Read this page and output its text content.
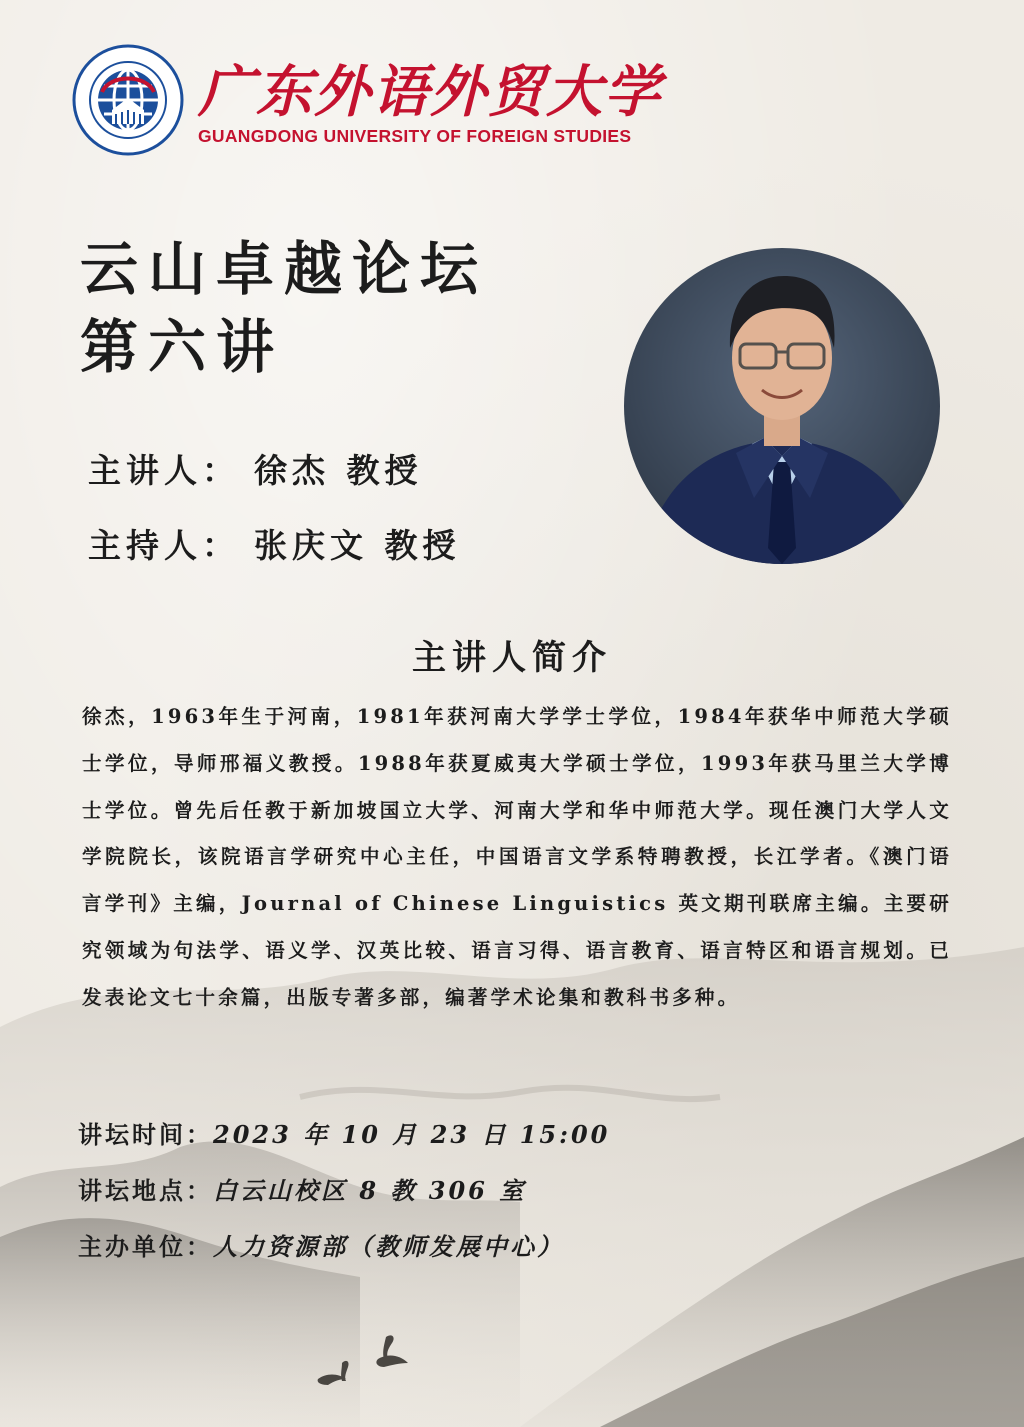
广东外语外贸大学
GUANGDONG UNIVERSITY OF FOREIGN STUDIES
云山卓越论坛
第六讲
主讲人： 徐杰 教授
主持人： 张庆文 教授
主讲人简介
徐杰，1963年生于河南，1981年获河南大学学士学位，1984年获华中师范大学硕士学位，导师邢福义教授。1988年获夏威夷大学硕士学位，1993年获马里兰大学博士学位。曾先后任教于新加坡国立大学、河南大学和华中师范大学。现任澳门大学人文学院院长，该院语言学研究中心主任，中国语言文学系特聘教授，长江学者。《澳门语言学刊》主编，Journal of Chinese Linguistics 英文期刊联席主编。主要研究领域为句法学、语义学、汉英比较、语言习得、语言教育、语言特区和语言规划。已发表论文七十余篇，出版专著多部，编著学术论集和教科书多种。
讲坛时间：2023 年 10 月 23 日 15:00
讲坛地点：白云山校区 8 教 306 室
主办单位：人力资源部（教师发展中心）
